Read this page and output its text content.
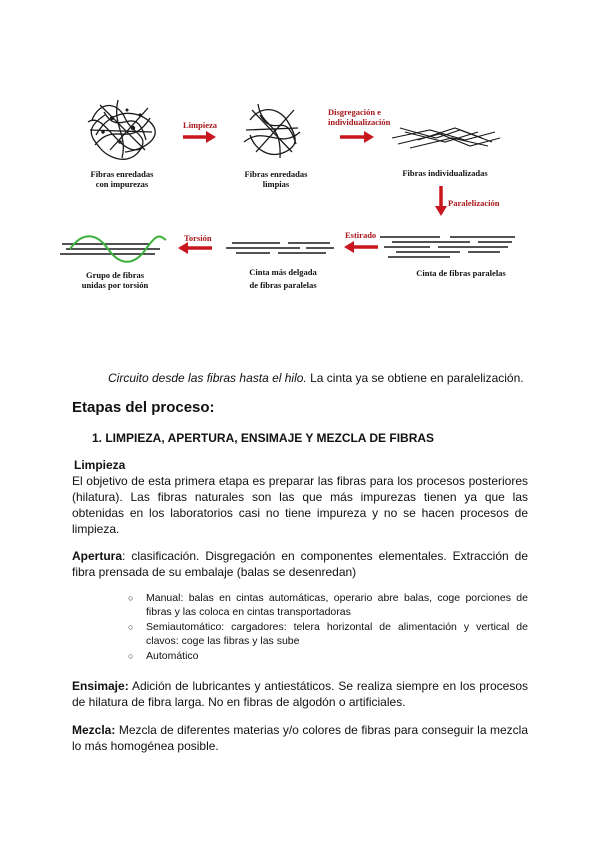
Fibras enredadas
con impurezas
Fibras enredadas
limpias
Fibras individualizadas
Cinta de fibras paralelas
Cinta más delgada
de fibras paralelas
Grupo de fibras
unidas por torsión
Limpieza
Disgregación e
individualización
Paralelización
Estirado
Torsión
Circuito desde las fibras hasta el hilo. La cinta ya se obtiene en paralelización.
Etapas del proceso:
1. LIMPIEZA, APERTURA, ENSIMAJE Y MEZCLA DE FIBRAS
Limpieza
El objetivo de esta primera etapa es preparar las fibras para los procesos posteriores (hilatura). Las fibras naturales son las que más impurezas tienen ya que las obtenidas en los laboratorios casi no tiene impureza y no se hacen procesos de limpieza.
Apertura: clasificación. Disgregación en componentes elementales. Extracción de fibra prensada de su embalaje (balas se desenredan)
○ Manual: balas en cintas automáticas, operario abre balas, coge porciones de fibras y las coloca en cintas transportadoras
○ Semiautomático: cargadores: telera horizontal de alimentación y vertical de clavos: coge las fibras y las sube
○ Automático
Ensimaje: Adición de lubricantes y antiestáticos. Se realiza siempre en los procesos de hilatura de fibra larga. No en fibras de algodón o artificiales.
Mezcla: Mezcla de diferentes materias y/o colores de fibras para conseguir la mezcla lo más homogénea posible.
